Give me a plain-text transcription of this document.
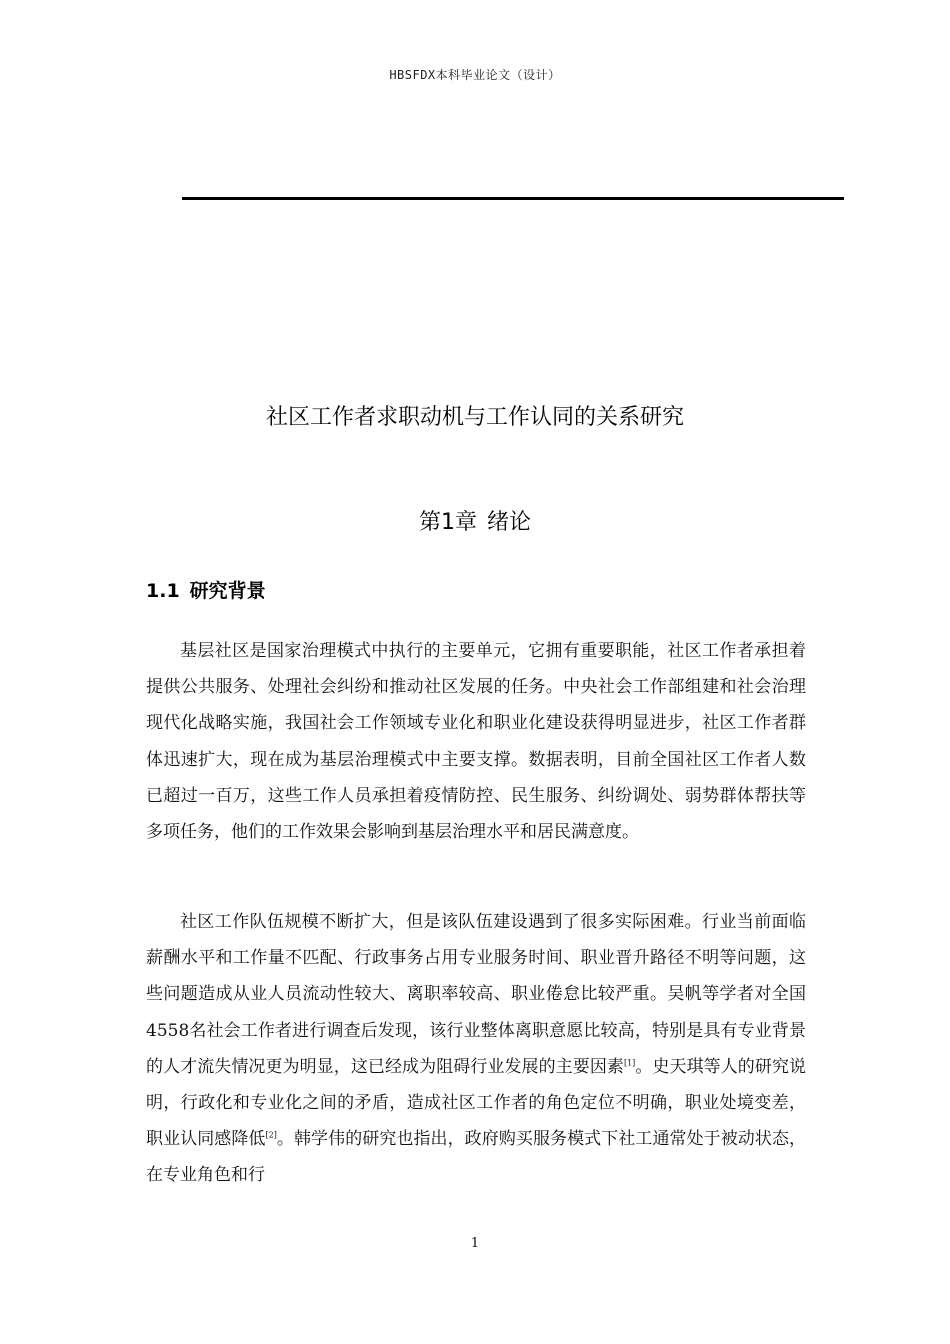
HBSFDX本科毕业论文（设计）
社区工作者求职动机与工作认同的关系研究
第1章 绪论
1.1 研究背景

基层社区是国家治理模式中执行的主要单元，它拥有重要职能，社区工作者承担着提供公共服务、处理社会纠纷和推动社区发展的任务。中央社会工作部组建和社会治理现代化战略实施，我国社会工作领域专业化和职业化建设获得明显进步，社区工作者群体迅速扩大，现在成为基层治理模式中主要支撑。数据表明，目前全国社区工作者人数已超过一百万，这些工作人员承担着疫情防控、民生服务、纠纷调处、弱势群体帮扶等多项任务，他们的工作效果会影响到基层治理水平和居民满意度。

社区工作队伍规模不断扩大，但是该队伍建设遇到了很多实际困难。行业当前面临薪酬水平和工作量不匹配、行政事务占用专业服务时间、职业晋升路径不明等问题，这些问题造成从业人员流动性较大、离职率较高、职业倦怠比较严重。吴帆等学者对全国4558名社会工作者进行调查后发现，该行业整体离职意愿比较高，特别是具有专业背景的人才流失情况更为明显，这已经成为阻碍行业发展的主要因素[1]。史天琪等人的研究说明，行政化和专业化之间的矛盾，造成社区工作者的角色定位不明确，职业处境变差，职业认同感降低[2]。韩学伟的研究也指出，政府购买服务模式下社工通常处于被动状态，在专业角色和行

1
